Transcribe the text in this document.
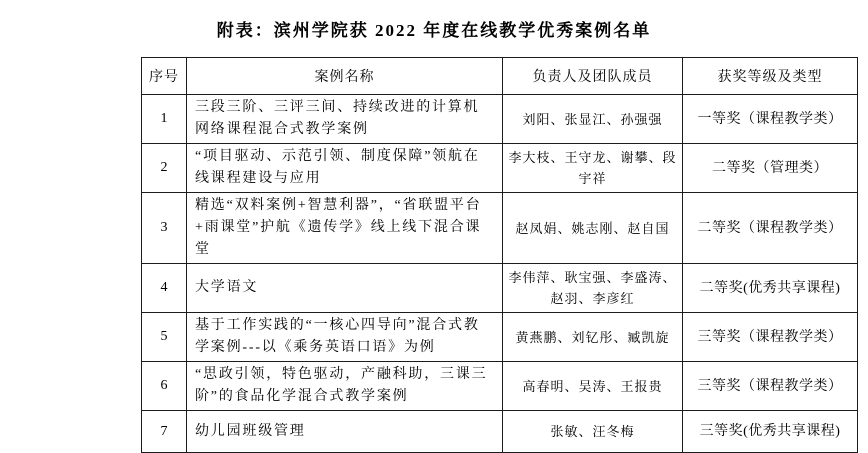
附表：滨州学院获 2022 年度在线教学优秀案例名单
序号	案例名称	负责人及团队成员	获奖等级及类型
1	三段三阶、三评三间、持续改进的计算机网络课程混合式教学案例	刘阳、张显江、孙强强	一等奖（课程教学类）
2	“项目驱动、示范引领、制度保障”领航在线课程建设与应用	李大枝、王守龙、谢攀、段宇祥	二等奖（管理类）
3	精选“双料案例+智慧利器”，“省联盟平台+雨课堂”护航《遗传学》线上线下混合课堂	赵凤娟、姚志刚、赵自国	二等奖（课程教学类）
4	大学语文	李伟萍、耿宝强、李盛涛、赵羽、李彦红	二等奖(优秀共享课程)
5	基于工作实践的“一核心四导向”混合式教学案例---以《乘务英语口语》为例	黄燕鹏、刘钇彤、臧凯旋	三等奖（课程教学类）
6	“思政引领，特色驱动，产融科助，三课三阶”的食品化学混合式教学案例	高春明、吴涛、王报贵	三等奖（课程教学类）
7	幼儿园班级管理	张敏、汪冬梅	三等奖(优秀共享课程)
